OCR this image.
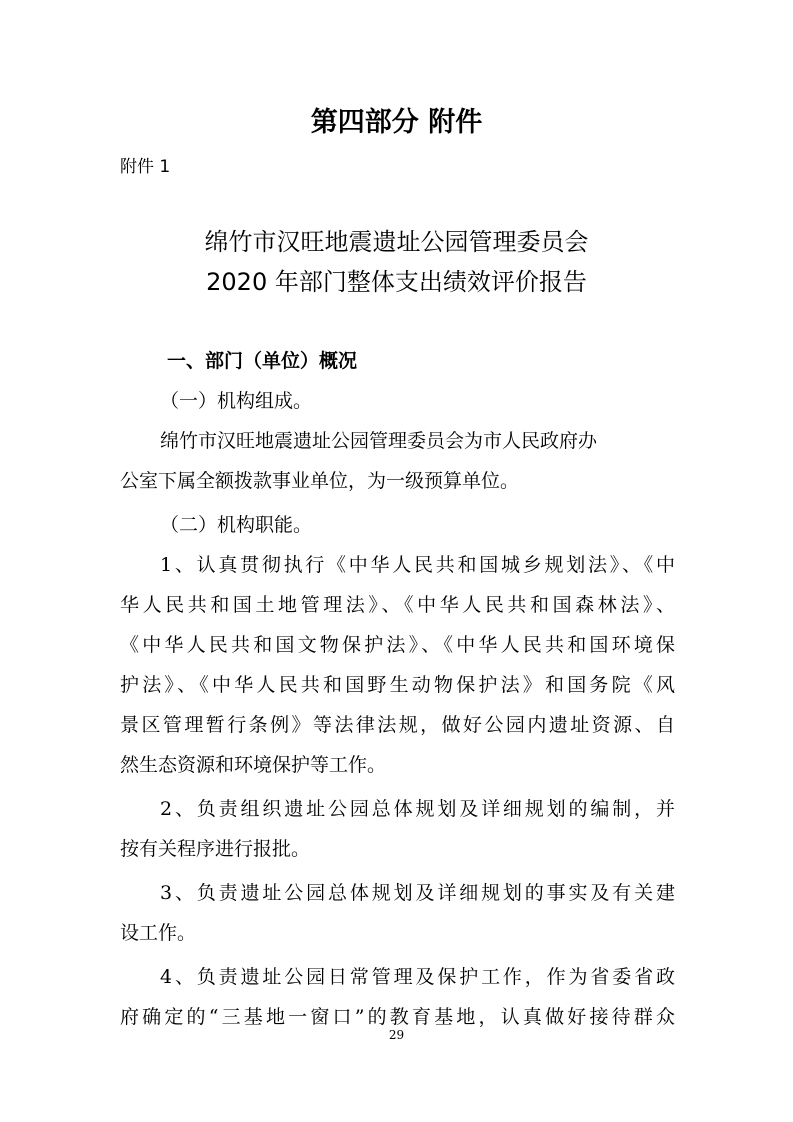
第四部分 附件
附件 1
绵竹市汉旺地震遗址公园管理委员会
2020 年部门整体支出绩效评价报告
一、部门（单位）概况
（一）机构组成。
绵竹市汉旺地震遗址公园管理委员会为市人民政府办
公室下属全额拨款事业单位，为一级预算单位。
（二）机构职能。
1、认真贯彻执行《中华人民共和国城乡规划法》、《中
华人民共和国土地管理法》、《中华人民共和国森林法》、
《中华人民共和国文物保护法》、《中华人民共和国环境保
护法》、《中华人民共和国野生动物保护法》和国务院《风
景区管理暂行条例》等法律法规，做好公园内遗址资源、自
然生态资源和环境保护等工作。
2、负责组织遗址公园总体规划及详细规划的编制，并
按有关程序进行报批。
3、负责遗址公园总体规划及详细规划的事实及有关建
设工作。
4、负责遗址公园日常管理及保护工作，作为省委省政
府确定的“三基地一窗口”的教育基地，认真做好接待群众
29
